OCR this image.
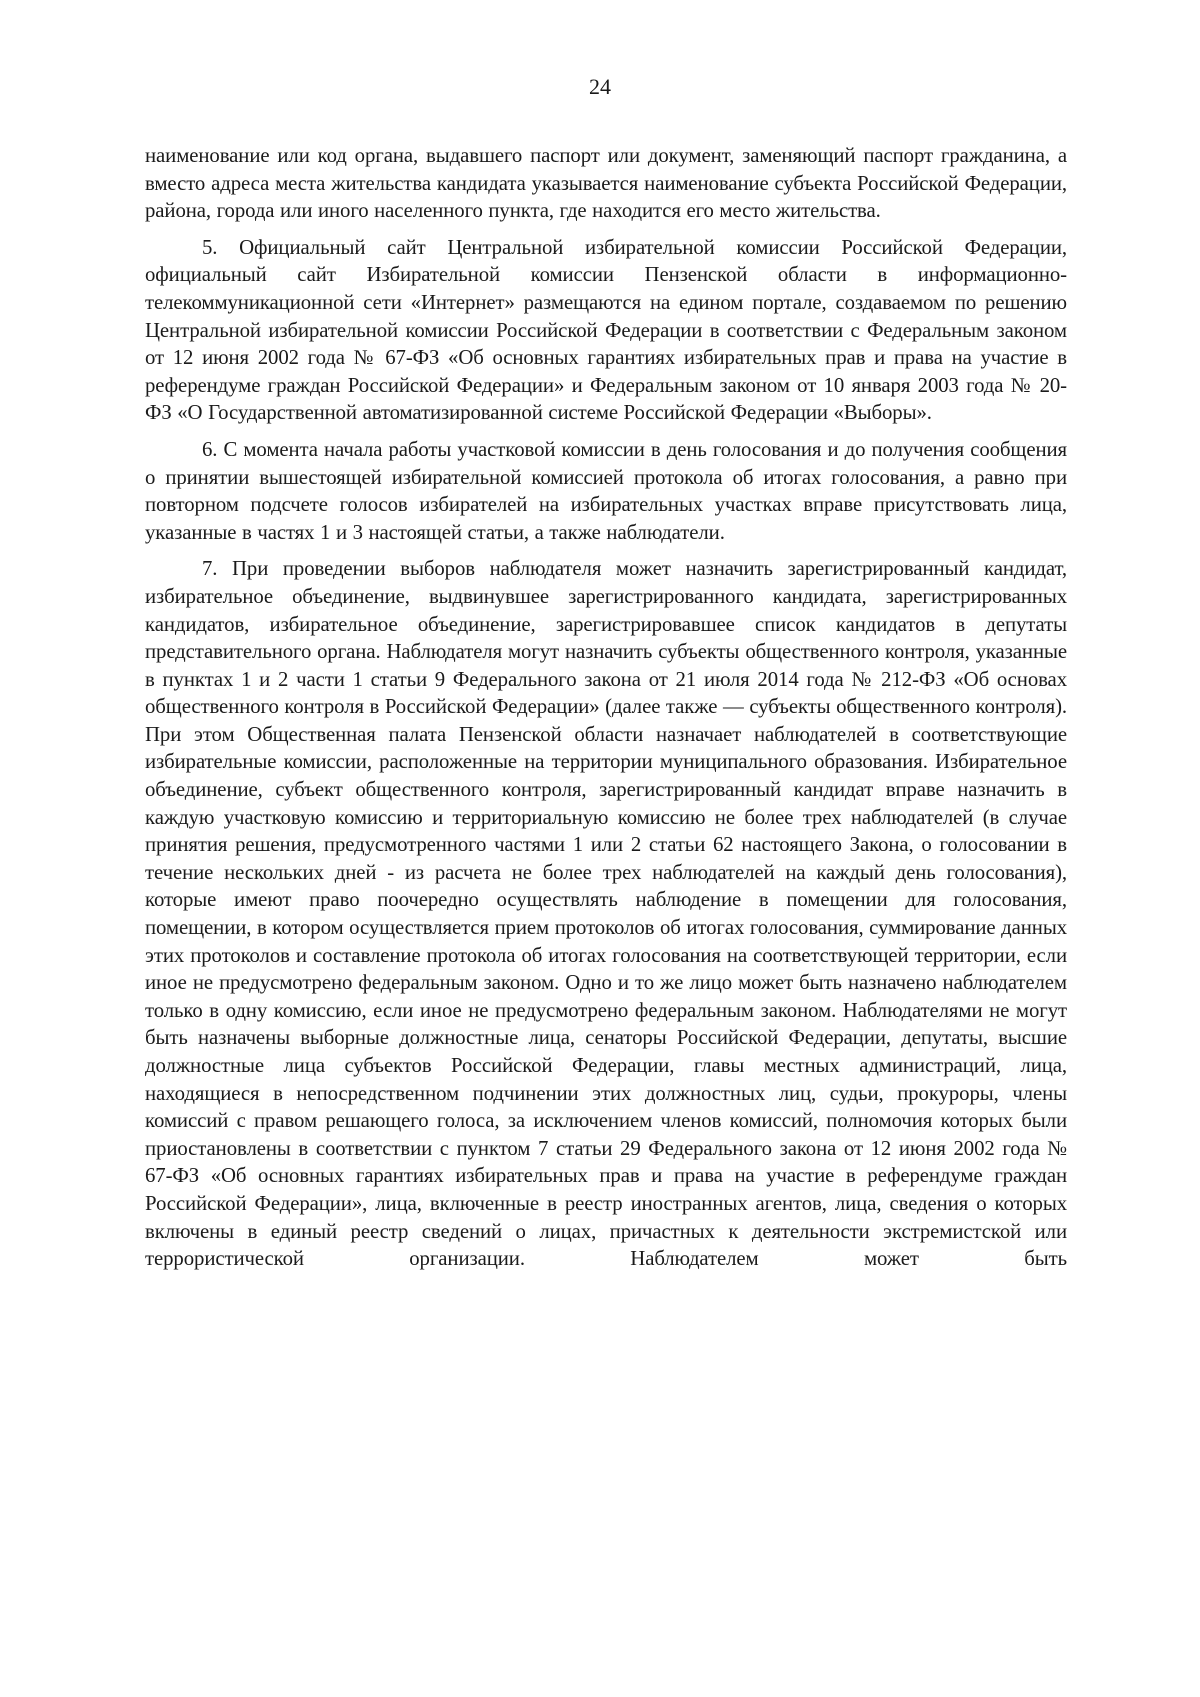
24

наименование или код органа, выдавшего паспорт или документ, заменяющий паспорт гражданина, а вместо адреса места жительства кандидата указывается наименование субъекта Российской Федерации, района, города или иного населенного пункта, где находится его место жительства.

5. Официальный сайт Центральной избирательной комиссии Российской Федерации, официальный сайт Избирательной комиссии Пензенской области в информационно-телекоммуникационной сети «Интернет» размещаются на едином портале, создаваемом по решению Центральной избирательной комиссии Российской Федерации в соответствии с Федеральным законом от 12 июня 2002 года № 67-ФЗ «Об основных гарантиях избирательных прав и права на участие в референдуме граждан Российской Федерации» и Федеральным законом от 10 января 2003 года № 20-ФЗ «О Государственной автоматизированной системе Российской Федерации «Выборы».

6. С момента начала работы участковой комиссии в день голосования и до получения сообщения о принятии вышестоящей избирательной комиссией протокола об итогах голосования, а равно при повторном подсчете голосов избирателей на избирательных участках вправе присутствовать лица, указанные в частях 1 и 3 настоящей статьи, а также наблюдатели.

7. При проведении выборов наблюдателя может назначить зарегистрированный кандидат, избирательное объединение, выдвинувшее зарегистрированного кандидата, зарегистрированных кандидатов, избирательное объединение, зарегистрировавшее список кандидатов в депутаты представительного органа. Наблюдателя могут назначить субъекты общественного контроля, указанные в пунктах 1 и 2 части 1 статьи 9 Федерального закона от 21 июля 2014 года № 212-ФЗ «Об основах общественного контроля в Российской Федерации» (далее также — субъекты общественного контроля). При этом Общественная палата Пензенской области назначает наблюдателей в соответствующие избирательные комиссии, расположенные на территории муниципального образования. Избирательное объединение, субъект общественного контроля, зарегистрированный кандидат вправе назначить в каждую участковую комиссию и территориальную комиссию не более трех наблюдателей (в случае принятия решения, предусмотренного частями 1 или 2 статьи 62 настоящего Закона, о голосовании в течение нескольких дней - из расчета не более трех наблюдателей на каждый день голосования), которые имеют право поочередно осуществлять наблюдение в помещении для голосования, помещении, в котором осуществляется прием протоколов об итогах голосования, суммирование данных этих протоколов и составление протокола об итогах голосования на соответствующей территории, если иное не предусмотрено федеральным законом. Одно и то же лицо может быть назначено наблюдателем только в одну комиссию, если иное не предусмотрено федеральным законом. Наблюдателями не могут быть назначены выборные должностные лица, сенаторы Российской Федерации, депутаты, высшие должностные лица субъектов Российской Федерации, главы местных администраций, лица, находящиеся в непосредственном подчинении этих должностных лиц, судьи, прокуроры, члены комиссий с правом решающего голоса, за исключением членов комиссий, полномочия которых были приостановлены в соответствии с пунктом 7 статьи 29 Федерального закона от 12 июня 2002 года № 67-ФЗ «Об основных гарантиях избирательных прав и права на участие в референдуме граждан Российской Федерации», лица, включенные в реестр иностранных агентов, лица, сведения о которых включены в единый реестр сведений о лицах, причастных к деятельности экстремистской или террористической организации. Наблюдателем может быть
